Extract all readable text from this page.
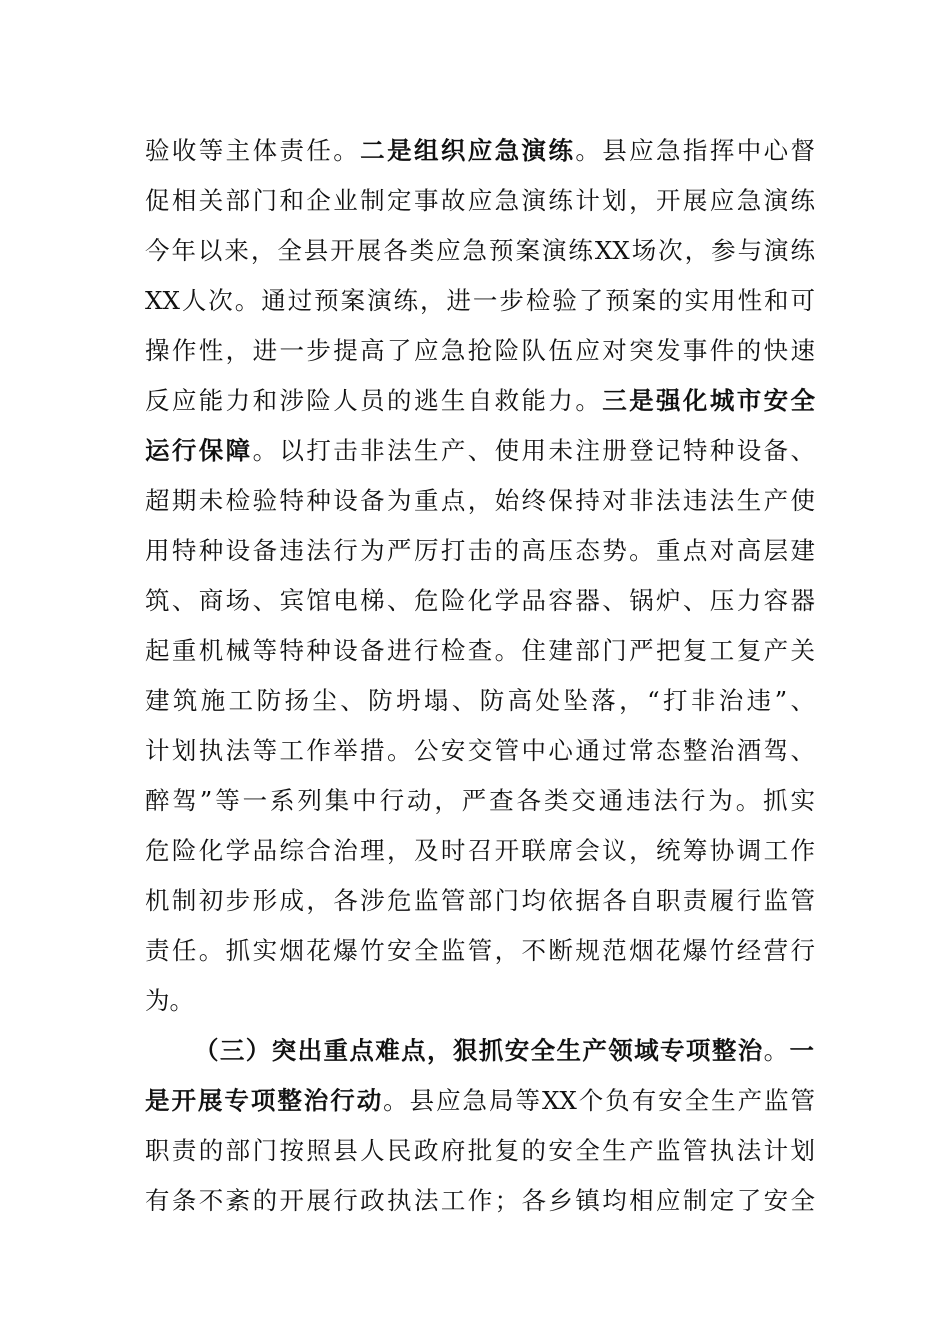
验收等主体责任。二是组织应急演练。县应急指挥中心督
促相关部门和企业制定事故应急演练计划，开展应急演练
今年以来，全县开展各类应急预案演练XX场次，参与演练
XX人次。通过预案演练，进一步检验了预案的实用性和可
操作性，进一步提高了应急抢险队伍应对突发事件的快速
反应能力和涉险人员的逃生自救能力。三是强化城市安全
运行保障。以打击非法生产、使用未注册登记特种设备、
超期未检验特种设备为重点，始终保持对非法违法生产使
用特种设备违法行为严厉打击的高压态势。重点对高层建
筑、商场、宾馆电梯、危险化学品容器、锅炉、压力容器
起重机械等特种设备进行检查。住建部门严把复工复产关
建筑施工防扬尘、防坍塌、防高处坠落，“打非治违”、
计划执法等工作举措。公安交管中心通过常态整治酒驾、
醉驾”等一系列集中行动，严查各类交通违法行为。抓实
危险化学品综合治理，及时召开联席会议，统筹协调工作
机制初步形成，各涉危监管部门均依据各自职责履行监管
责任。抓实烟花爆竹安全监管，不断规范烟花爆竹经营行
为。
（三）突出重点难点，狠抓安全生产领域专项整治。一
是开展专项整治行动。县应急局等XX个负有安全生产监管
职责的部门按照县人民政府批复的安全生产监管执法计划
有条不紊的开展行政执法工作；各乡镇均相应制定了安全
